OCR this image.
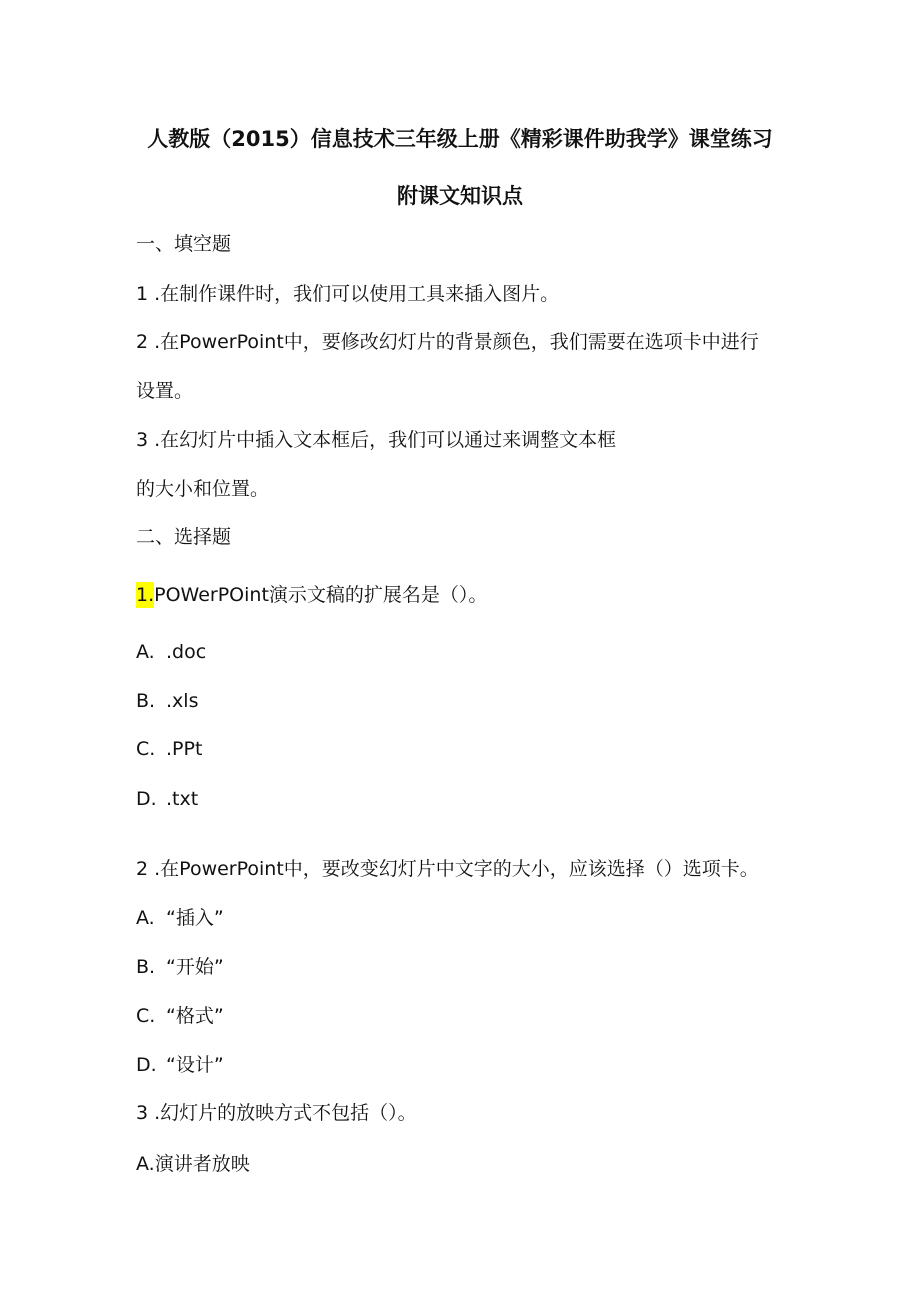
人教版（2015）信息技术三年级上册《精彩课件助我学》课堂练习
附课文知识点
一、填空题
1 .在制作课件时，我们可以使用工具来插入图片。
2 .在PowerPoint中，要修改幻灯片的背景颜色，我们需要在选项卡中进行
设置。
3 .在幻灯片中插入文本框后，我们可以通过来调整文本框
的大小和位置。
二、选择题
1.POWerPOint演示文稿的扩展名是（）。
A. .doc
B. .xls
C. .PPt
D. .txt
2 .在PowerPoint中，要改变幻灯片中文字的大小，应该选择（）选项卡。
A. “插入”
B. “开始”
C. “格式”
D. “设计”
3 .幻灯片的放映方式不包括（）。
A.演讲者放映
